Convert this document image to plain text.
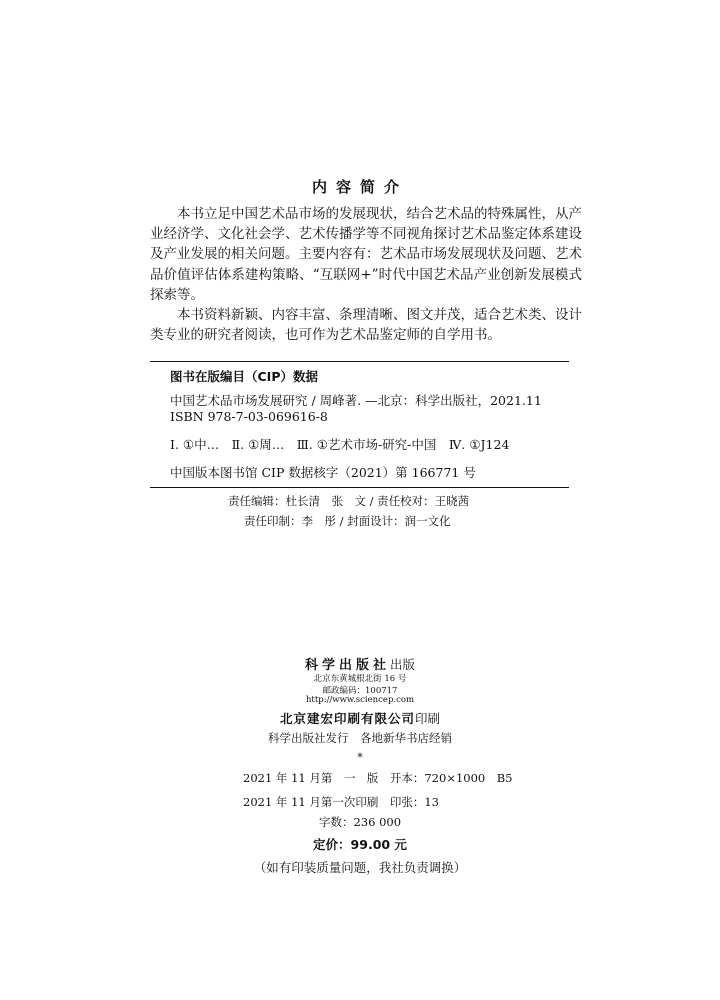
内容简介

本书立足中国艺术品市场的发展现状，结合艺术品的特殊属性，从产业经济学、文化社会学、艺术传播学等不同视角探讨艺术品鉴定体系建设及产业发展的相关问题。主要内容有：艺术品市场发展现状及问题、艺术品价值评估体系建构策略、“互联网+”时代中国艺术品产业创新发展模式探索等。

本书资料新颖、内容丰富、条理清晰、图文并茂，适合艺术类、设计类专业的研究者阅读，也可作为艺术品鉴定师的自学用书。

图书在版编目（CIP）数据
中国艺术品市场发展研究 / 周峰著. —北京：科学出版社，2021.11
ISBN 978-7-03-069616-8
Ⅰ. ①中…　Ⅱ. ①周…　Ⅲ. ①艺术市场-研究-中国　Ⅳ. ①J124
中国版本图书馆 CIP 数据核字（2021）第 166771 号
责任编辑：杜长清　张　文 / 责任校对：王晓茜
责任印制：李　彤 / 封面设计：润一文化
科学出版社出版
北京东黄城根北街 16 号
邮政编码：100717
http://www.sciencep.com
北京建宏印刷有限公司印刷
科学出版社发行　各地新华书店经销
*
2021 年 11 月第　一　版　开本：720×1000　B5
2021 年 11 月第一次印刷　印张：13
字数：236 000
定价：99.00 元
（如有印装质量问题，我社负责调换）
